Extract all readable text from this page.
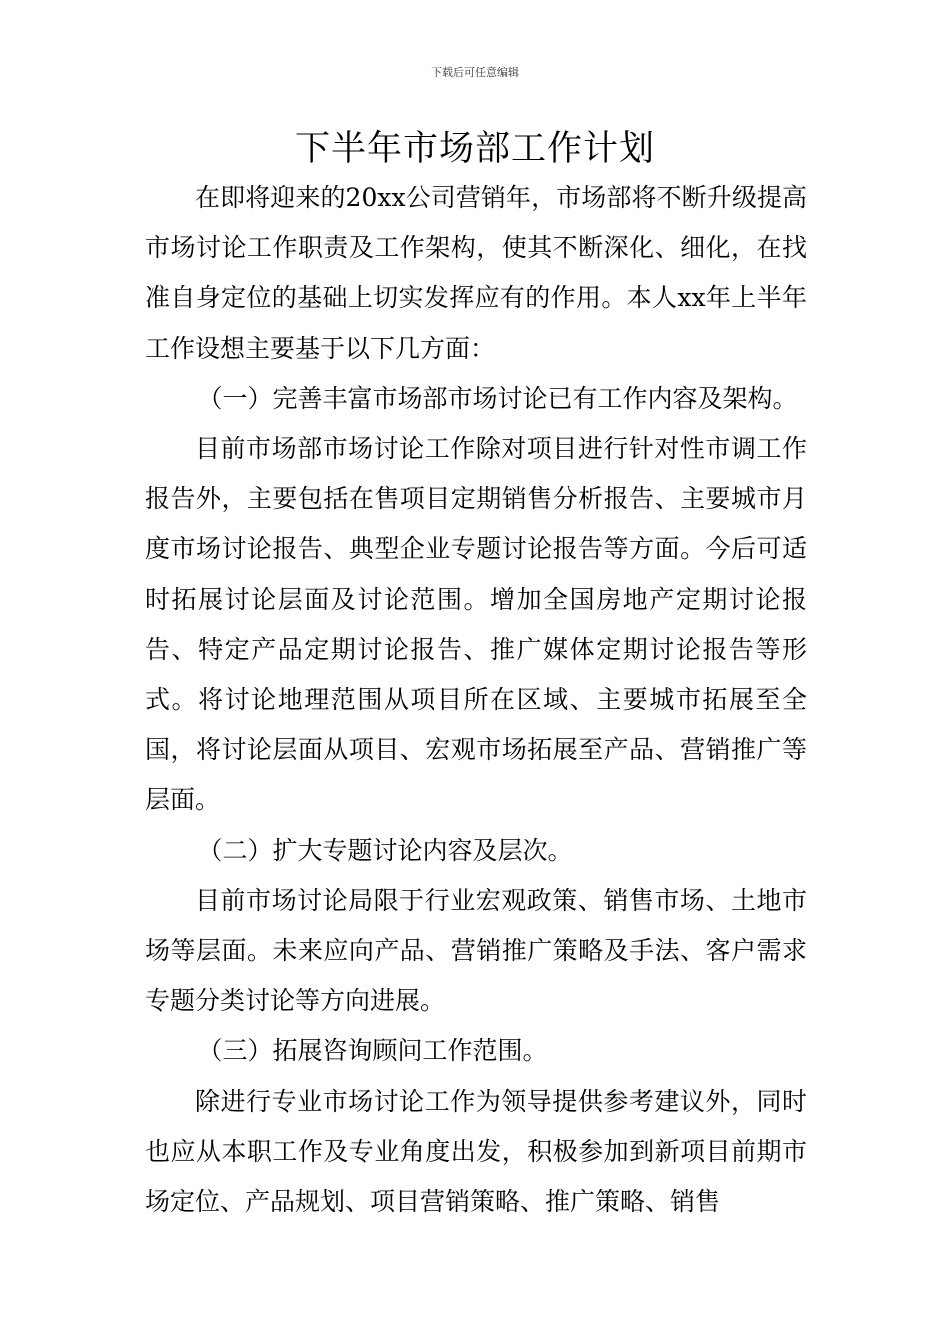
下载后可任意编辑
下半年市场部工作计划

在即将迎来的20xx公司营销年，市场部将不断升级提高市场讨论工作职责及工作架构，使其不断深化、细化，在找准自身定位的基础上切实发挥应有的作用。本人xx年上半年工作设想主要基于以下几方面：

（一）完善丰富市场部市场讨论已有工作内容及架构。

目前市场部市场讨论工作除对项目进行针对性市调工作报告外，主要包括在售项目定期销售分析报告、主要城市月度市场讨论报告、典型企业专题讨论报告等方面。今后可适时拓展讨论层面及讨论范围。增加全国房地产定期讨论报告、特定产品定期讨论报告、推广媒体定期讨论报告等形式。将讨论地理范围从项目所在区域、主要城市拓展至全国，将讨论层面从项目、宏观市场拓展至产品、营销推广等层面。

（二）扩大专题讨论内容及层次。

目前市场讨论局限于行业宏观政策、销售市场、土地市场等层面。未来应向产品、营销推广策略及手法、客户需求专题分类讨论等方向进展。

（三）拓展咨询顾问工作范围。

除进行专业市场讨论工作为领导提供参考建议外，同时也应从本职工作及专业角度出发，积极参加到新项目前期市场定位、产品规划、项目营销策略、推广策略、销售
